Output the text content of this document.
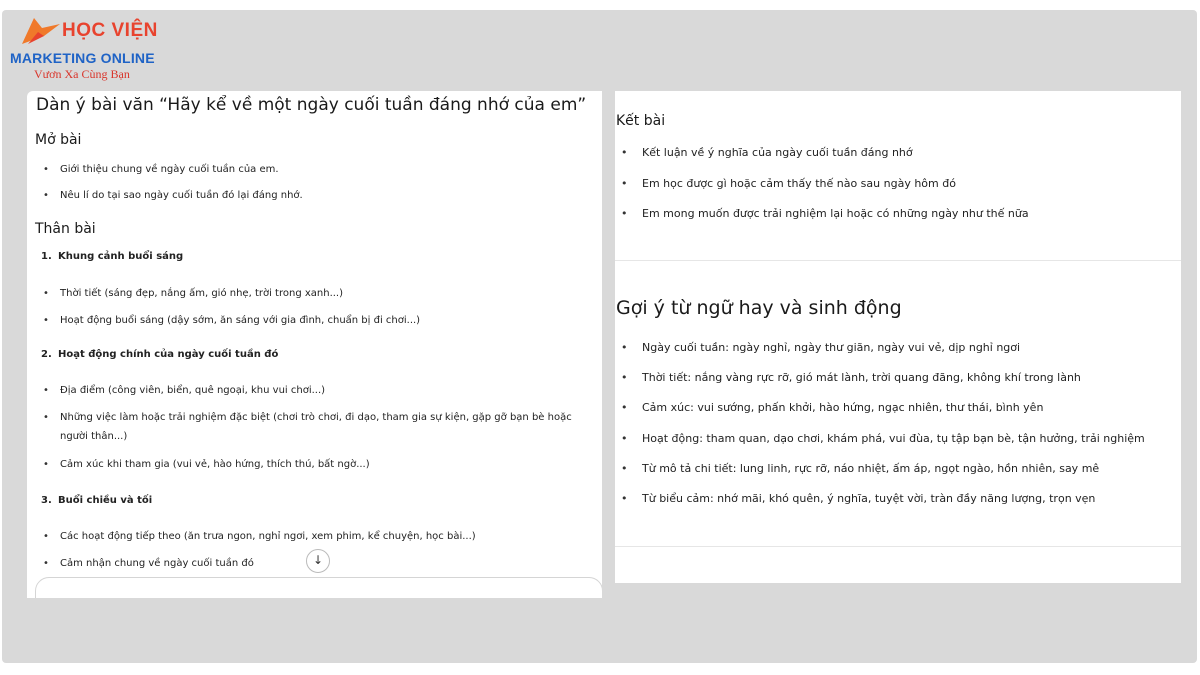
HỌC VIỆN
MARKETING ONLINE
Vươn Xa Cùng Bạn
Dàn ý bài văn “Hãy kể về một ngày cuối tuần đáng nhớ của em”
Mở bài
• Giới thiệu chung về ngày cuối tuần của em.
• Nêu lí do tại sao ngày cuối tuần đó lại đáng nhớ.
Thân bài
1. Khung cảnh buổi sáng
• Thời tiết (sáng đẹp, nắng ấm, gió nhẹ, trời trong xanh...)
• Hoạt động buổi sáng (dậy sớm, ăn sáng với gia đình, chuẩn bị đi chơi...)
2. Hoạt động chính của ngày cuối tuần đó
• Địa điểm (công viên, biển, quê ngoại, khu vui chơi...)
• Những việc làm hoặc trải nghiệm đặc biệt (chơi trò chơi, đi dạo, tham gia sự kiện, gặp gỡ bạn bè hoặc người thân...)
• Cảm xúc khi tham gia (vui vẻ, hào hứng, thích thú, bất ngờ...)
3. Buổi chiều và tối
• Các hoạt động tiếp theo (ăn trưa ngon, nghỉ ngơi, xem phim, kể chuyện, học bài...)
• Cảm nhận chung về ngày cuối tuần đó	↓
Kết bài
• Kết luận về ý nghĩa của ngày cuối tuần đáng nhớ
• Em học được gì hoặc cảm thấy thế nào sau ngày hôm đó
• Em mong muốn được trải nghiệm lại hoặc có những ngày như thế nữa
Gợi ý từ ngữ hay và sinh động
• Ngày cuối tuần: ngày nghỉ, ngày thư giãn, ngày vui vẻ, dịp nghỉ ngơi
• Thời tiết: nắng vàng rực rỡ, gió mát lành, trời quang đãng, không khí trong lành
• Cảm xúc: vui sướng, phấn khởi, hào hứng, ngạc nhiên, thư thái, bình yên
• Hoạt động: tham quan, dạo chơi, khám phá, vui đùa, tụ tập bạn bè, tận hưởng, trải nghiệm
• Từ mô tả chi tiết: lung linh, rực rỡ, náo nhiệt, ấm áp, ngọt ngào, hồn nhiên, say mê
• Từ biểu cảm: nhớ mãi, khó quên, ý nghĩa, tuyệt vời, tràn đầy năng lượng, trọn vẹn
